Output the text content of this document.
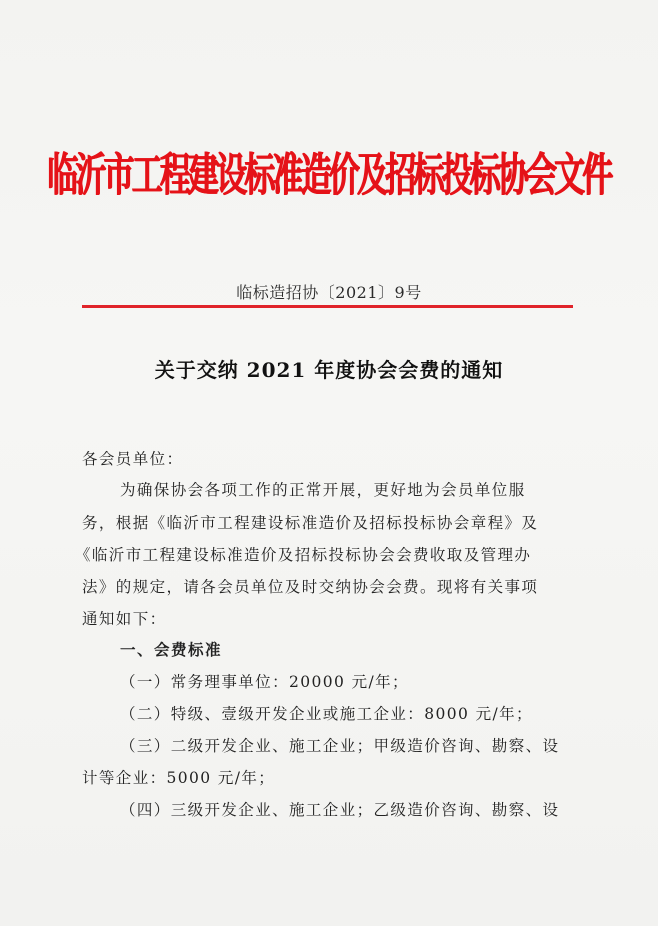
临沂市工程建设标准造价及招标投标协会文件
临标造招协〔2021〕9号
关于交纳 2021 年度协会会费的通知
各会员单位：
为确保协会各项工作的正常开展，更好地为会员单位服
务，根据《临沂市工程建设标准造价及招标投标协会章程》及
《临沂市工程建设标准造价及招标投标协会会费收取及管理办
法》的规定，请各会员单位及时交纳协会会费。现将有关事项
通知如下：
一、会费标准
（一）常务理事单位：20000 元/年；
（二）特级、壹级开发企业或施工企业：8000 元/年；
（三）二级开发企业、施工企业；甲级造价咨询、勘察、设
计等企业：5000 元/年；
（四）三级开发企业、施工企业；乙级造价咨询、勘察、设
